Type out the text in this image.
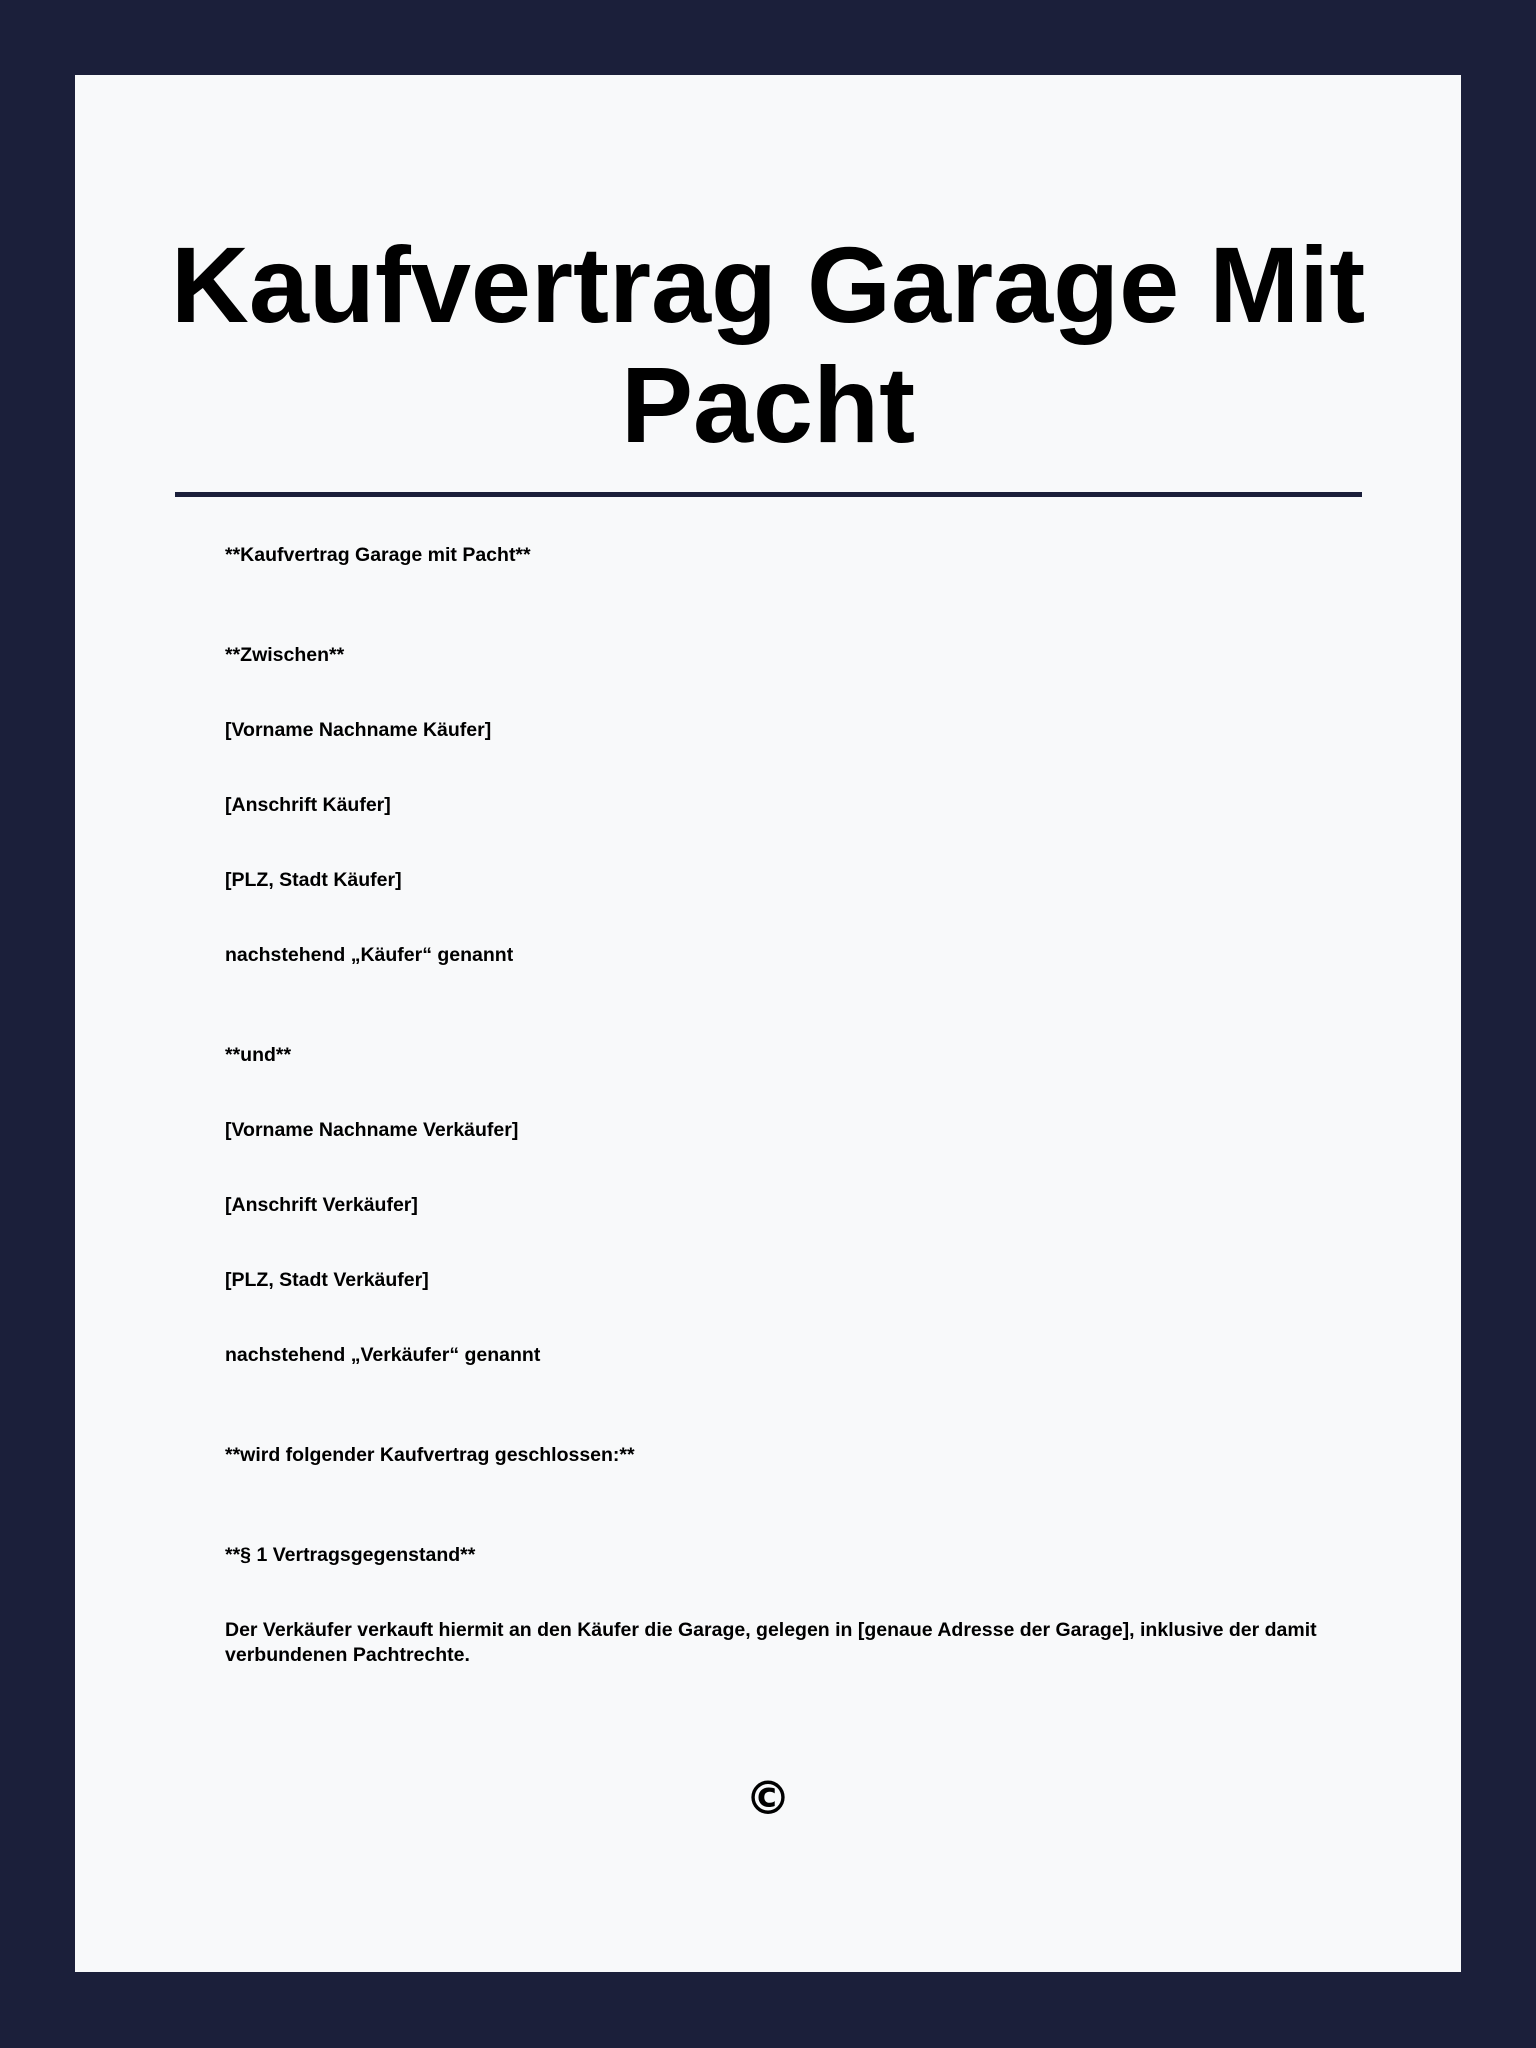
Kaufvertrag Garage Mit Pacht

**Kaufvertrag Garage mit Pacht**

**Zwischen**

[Vorname Nachname Käufer]

[Anschrift Käufer]

[PLZ, Stadt Käufer]

nachstehend „Käufer“ genannt

**und**

[Vorname Nachname Verkäufer]

[Anschrift Verkäufer]

[PLZ, Stadt Verkäufer]

nachstehend „Verkäufer“ genannt

**wird folgender Kaufvertrag geschlossen:**

**§ 1 Vertragsgegenstand**

Der Verkäufer verkauft hiermit an den Käufer die Garage, gelegen in [genaue Adresse der Garage], inklusive der damit verbundenen Pachtrechte.

©
